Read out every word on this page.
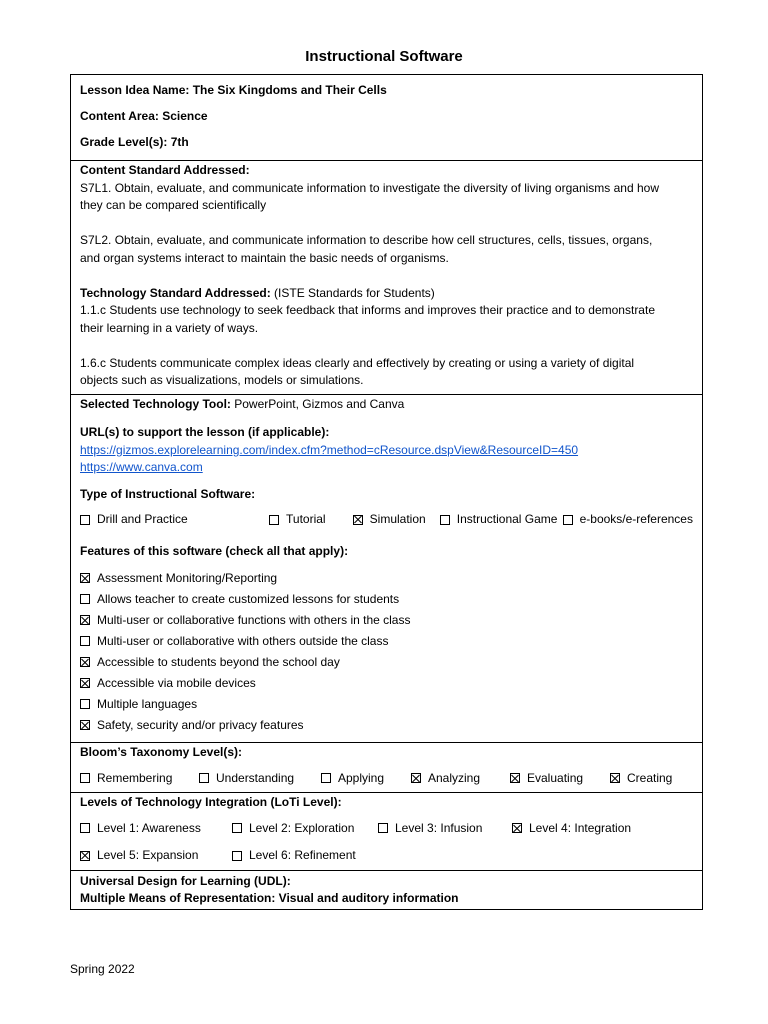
Instructional Software

Lesson Idea Name: The Six Kingdoms and Their Cells

Content Area: Science

Grade Level(s): 7th

Content Standard Addressed:

S7L1. Obtain, evaluate, and communicate information to investigate the diversity of living organisms and how

they can be compared scientifically

S7L2. Obtain, evaluate, and communicate information to describe how cell structures, cells, tissues, organs,

and organ systems interact to maintain the basic needs of organisms.

Technology Standard Addressed: (ISTE Standards for Students)

1.1.c Students use technology to seek feedback that informs and improves their practice and to demonstrate

their learning in a variety of ways.

1.6.c Students communicate complex ideas clearly and effectively by creating or using a variety of digital

objects such as visualizations, models or simulations.

Selected Technology Tool: PowerPoint, Gizmos and Canva

URL(s) to support the lesson (if applicable):

https://gizmos.explorelearning.com/index.cfm?method=cResource.dspView&ResourceID=450

https://www.canva.com

Type of Instructional Software:

Drill and Practice	Tutorial	Simulation	Instructional Game e-books/e-references

Features of this software (check all that apply):

Assessment Monitoring/Reporting

Allows teacher to create customized lessons for students

Multi-user or collaborative functions with others in the class

Multi-user or collaborative with others outside the class

Accessible to students beyond the school day

Accessible via mobile devices

Multiple languages

Safety, security and/or privacy features

Bloom’s Taxonomy Level(s):

Remembering	Understanding	Applying	Analyzing	Evaluating	Creating

Levels of Technology Integration (LoTi Level):

Level 1: Awareness	Level 2: Exploration	Level 3: Infusion	Level 4: Integration
Level 5: Expansion	Level 6: Refinement

Universal Design for Learning (UDL):

Multiple Means of Representation: Visual and auditory information

Spring 2022
